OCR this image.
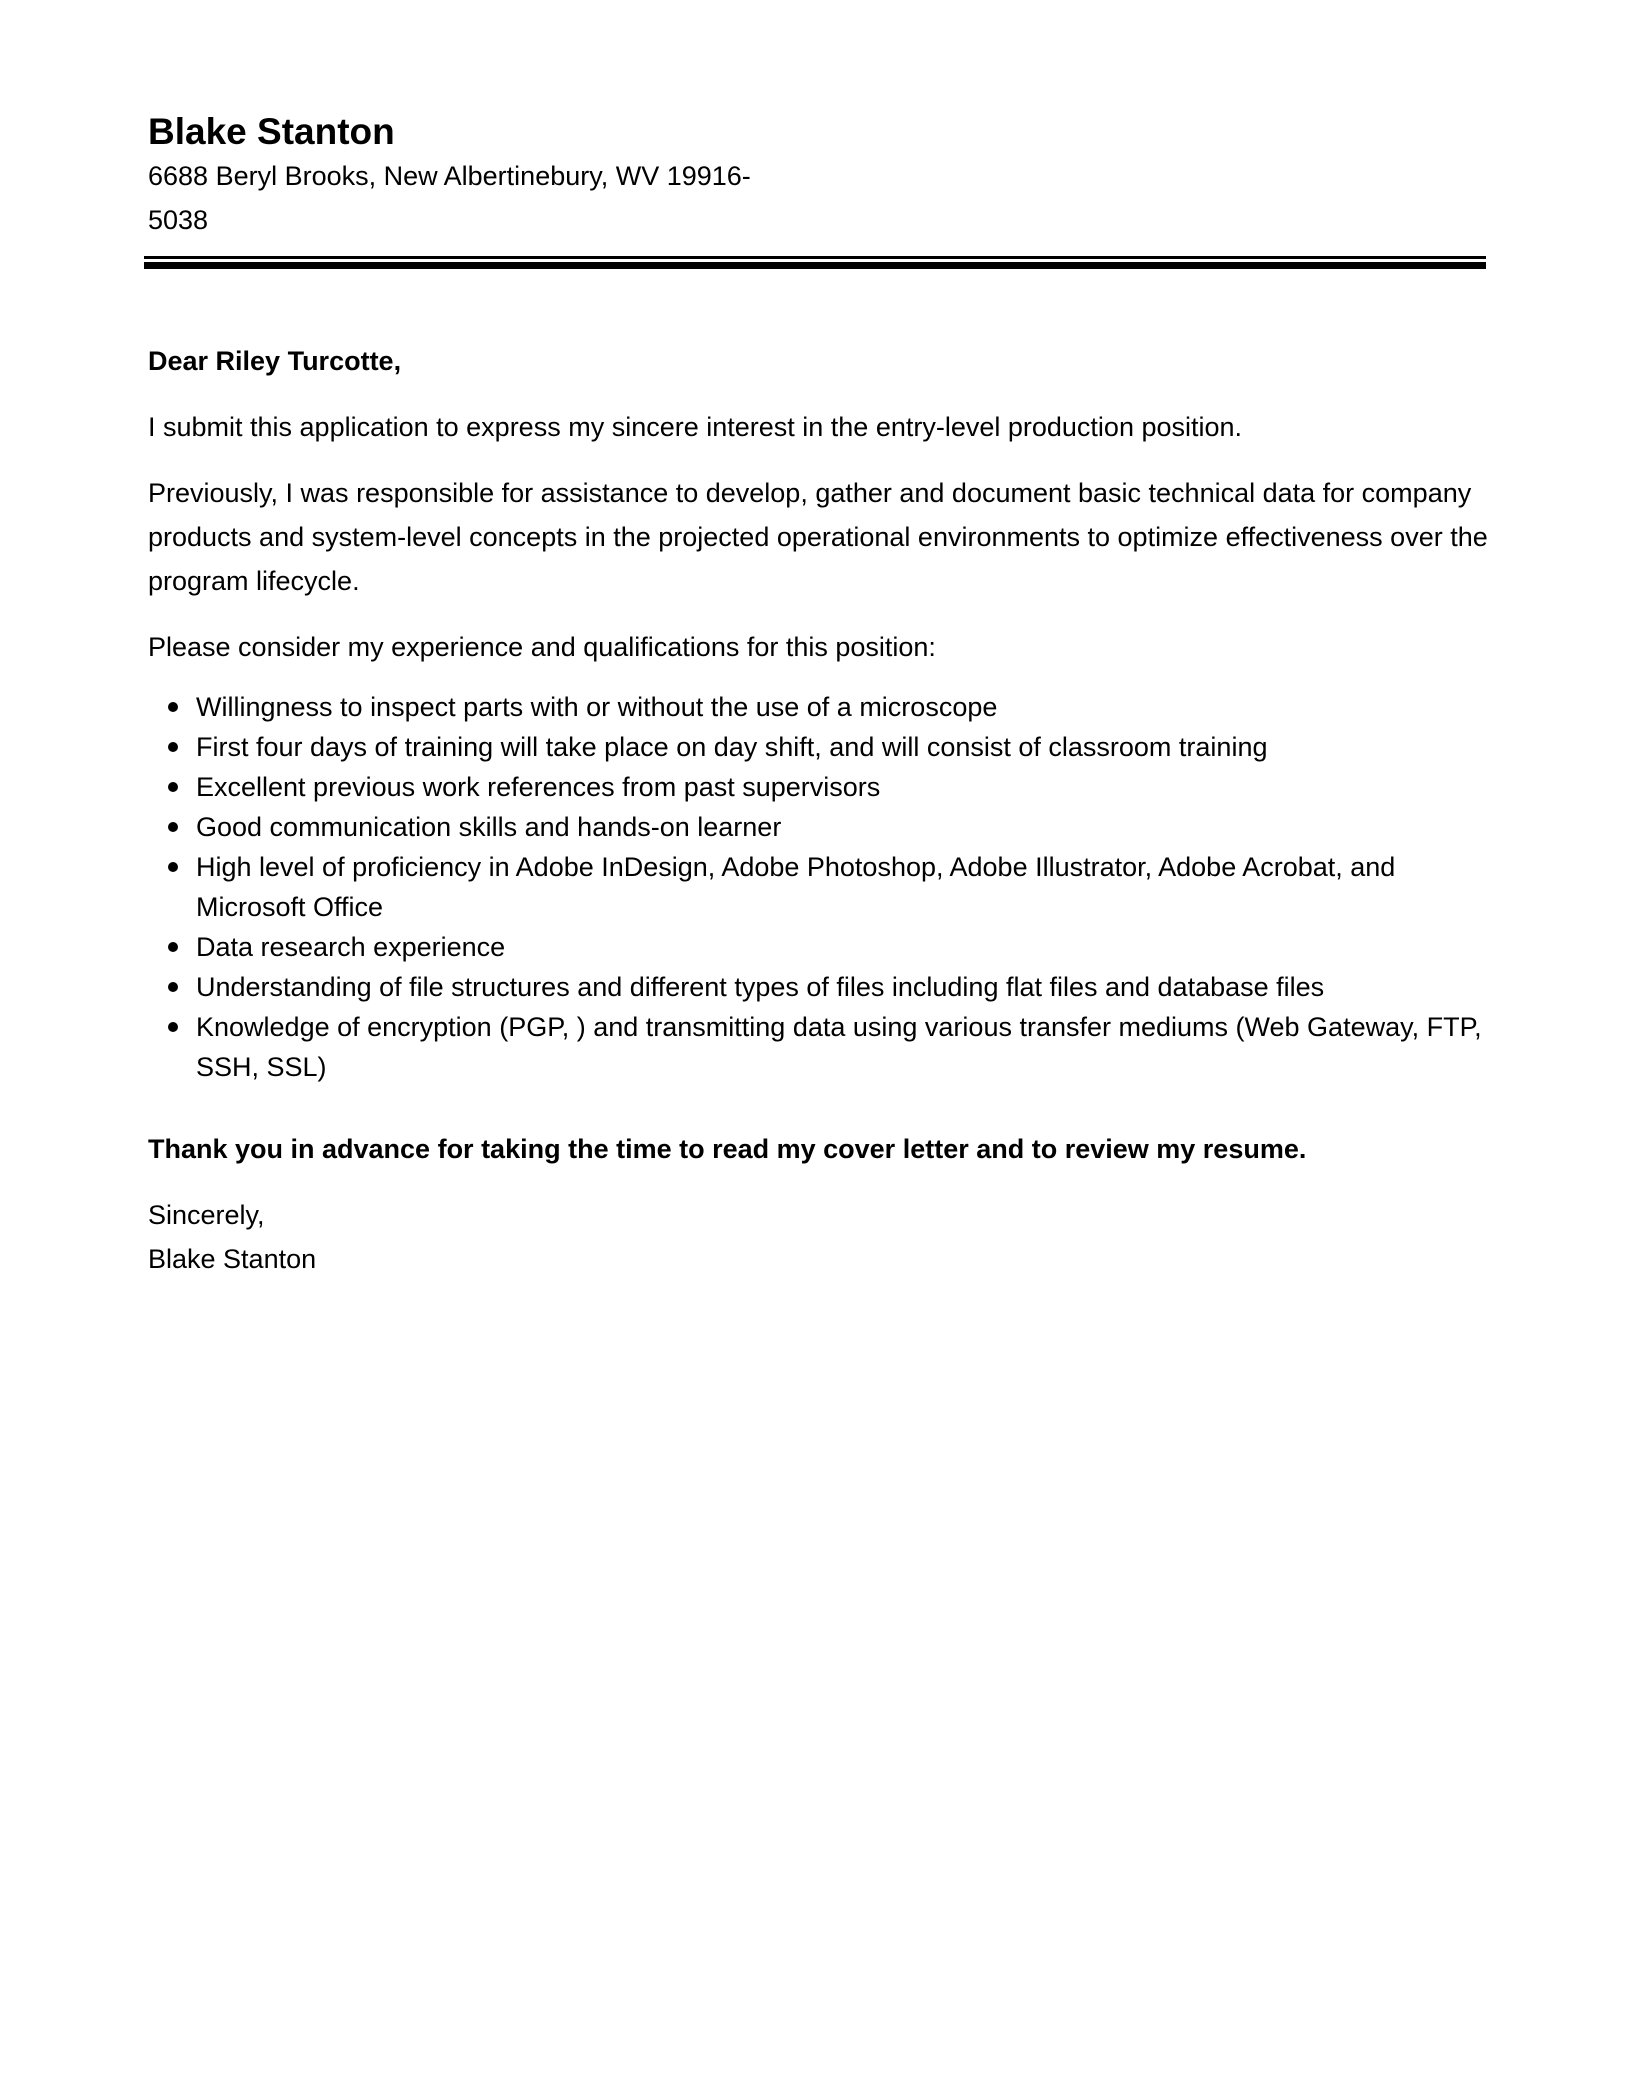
Blake Stanton

6688 Beryl Brooks, New Albertinebury, WV 19916-5038

Dear Riley Turcotte,
I submit this application to express my sincere interest in the entry-level production position.
Previously, I was responsible for assistance to develop, gather and document basic technical data for company products and system-level concepts in the projected operational environments to optimize effectiveness over the program lifecycle.
Please consider my experience and qualifications for this position:
Willingness to inspect parts with or without the use of a microscope
First four days of training will take place on day shift, and will consist of classroom training
Excellent previous work references from past supervisors
Good communication skills and hands-on learner
High level of proficiency in Adobe InDesign, Adobe Photoshop, Adobe Illustrator, Adobe Acrobat, and Microsoft Office
Data research experience
Understanding of file structures and different types of files including flat files and database files
Knowledge of encryption (PGP, ) and transmitting data using various transfer mediums (Web Gateway, FTP, SSH, SSL)
Thank you in advance for taking the time to read my cover letter and to review my resume.
Sincerely,
Blake Stanton
